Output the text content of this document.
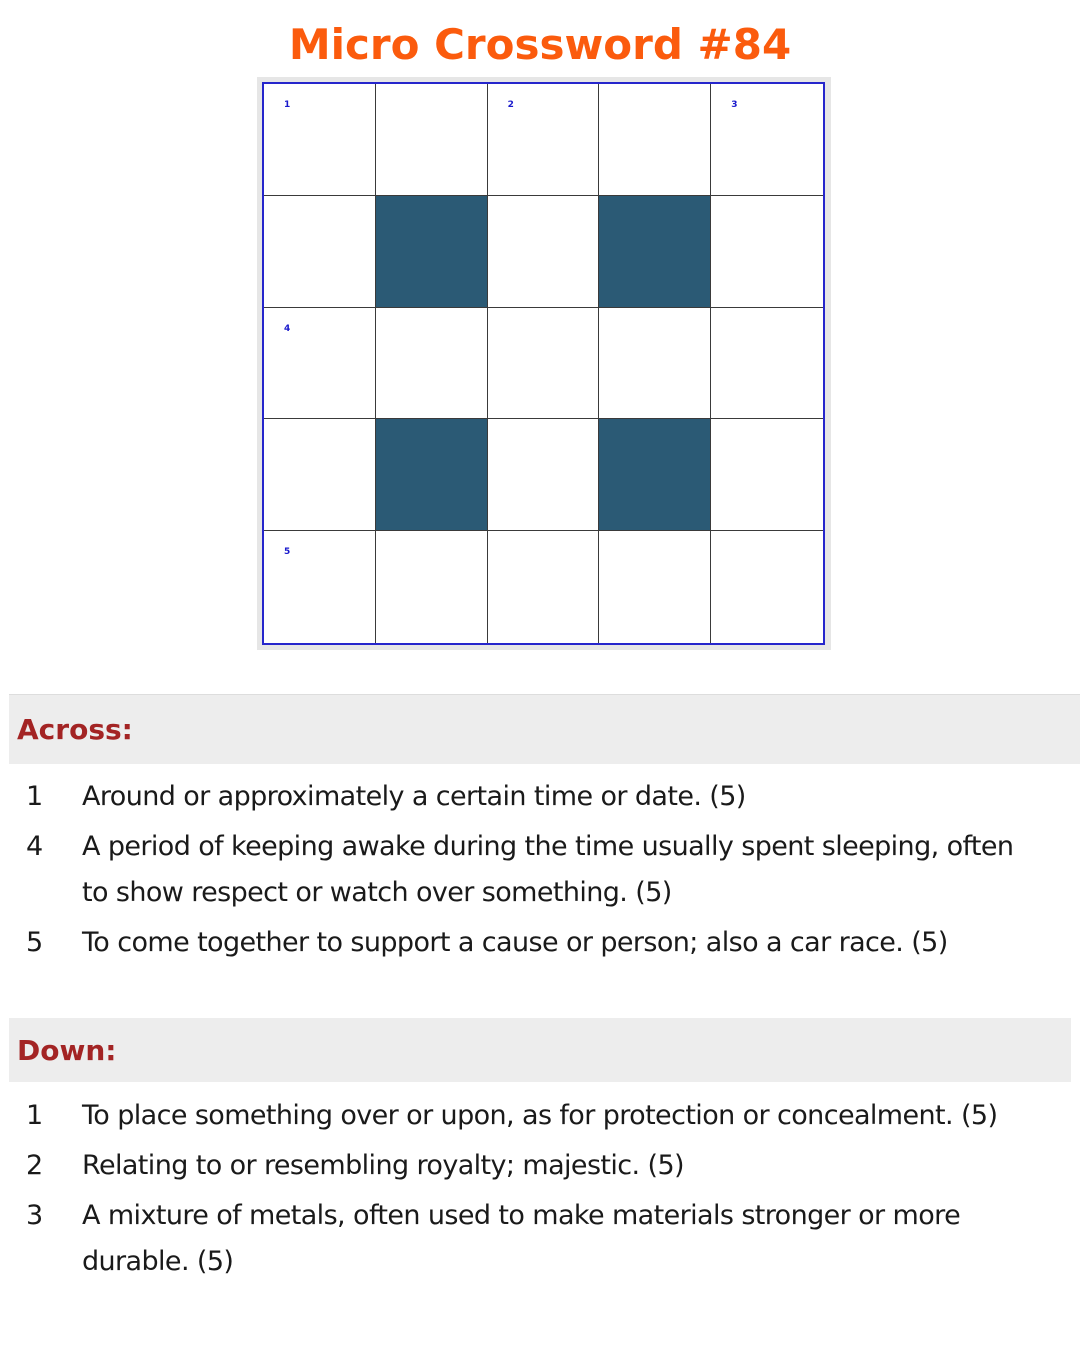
Micro Crossword #84
1	2	3
4
5
Across:
1	Around or approximately a certain time or date. (5)
4	A period of keeping awake during the time usually spent sleeping, often to show respect or watch over something. (5)
5	To come together to support a cause or person; also a car race. (5)
Down:
1	To place something over or upon, as for protection or concealment. (5)
2	Relating to or resembling royalty; majestic. (5)
3	A mixture of metals, often used to make materials stronger or more durable. (5)
